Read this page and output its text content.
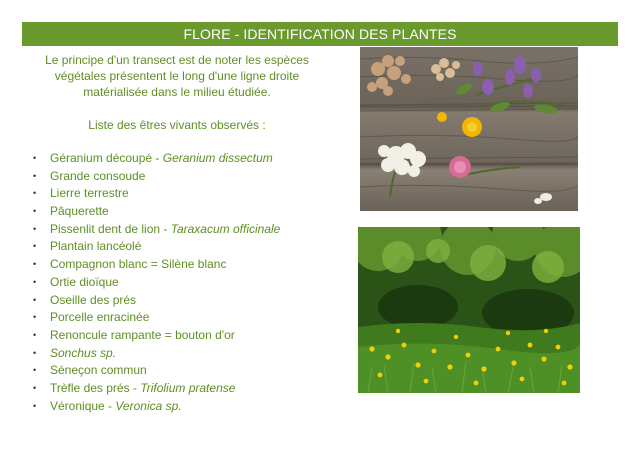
FLORE - IDENTIFICATION DES PLANTES
Le principe d'un transect est de noter les espèces
végétales présentent le long d'une ligne droite
matérialisée dans le milieu étudiée.
Liste des êtres vivants observés :
• Géranium découpé - Geranium dissectum
• Grande consoude
• Lierre terrestre
• Pâquerette
• Pissenlit dent de lion - Taraxacum officinale
• Plantain lancéolé
• Compagnon blanc = Silène blanc
• Ortie dioïque
• Oseille des prés
• Porcelle enracinée
• Renoncule rampante = bouton d'or
• Sonchus sp.
• Séneçon commun
• Trèfle des prés - Trifolium pratense
• Véronique - Veronica sp.
